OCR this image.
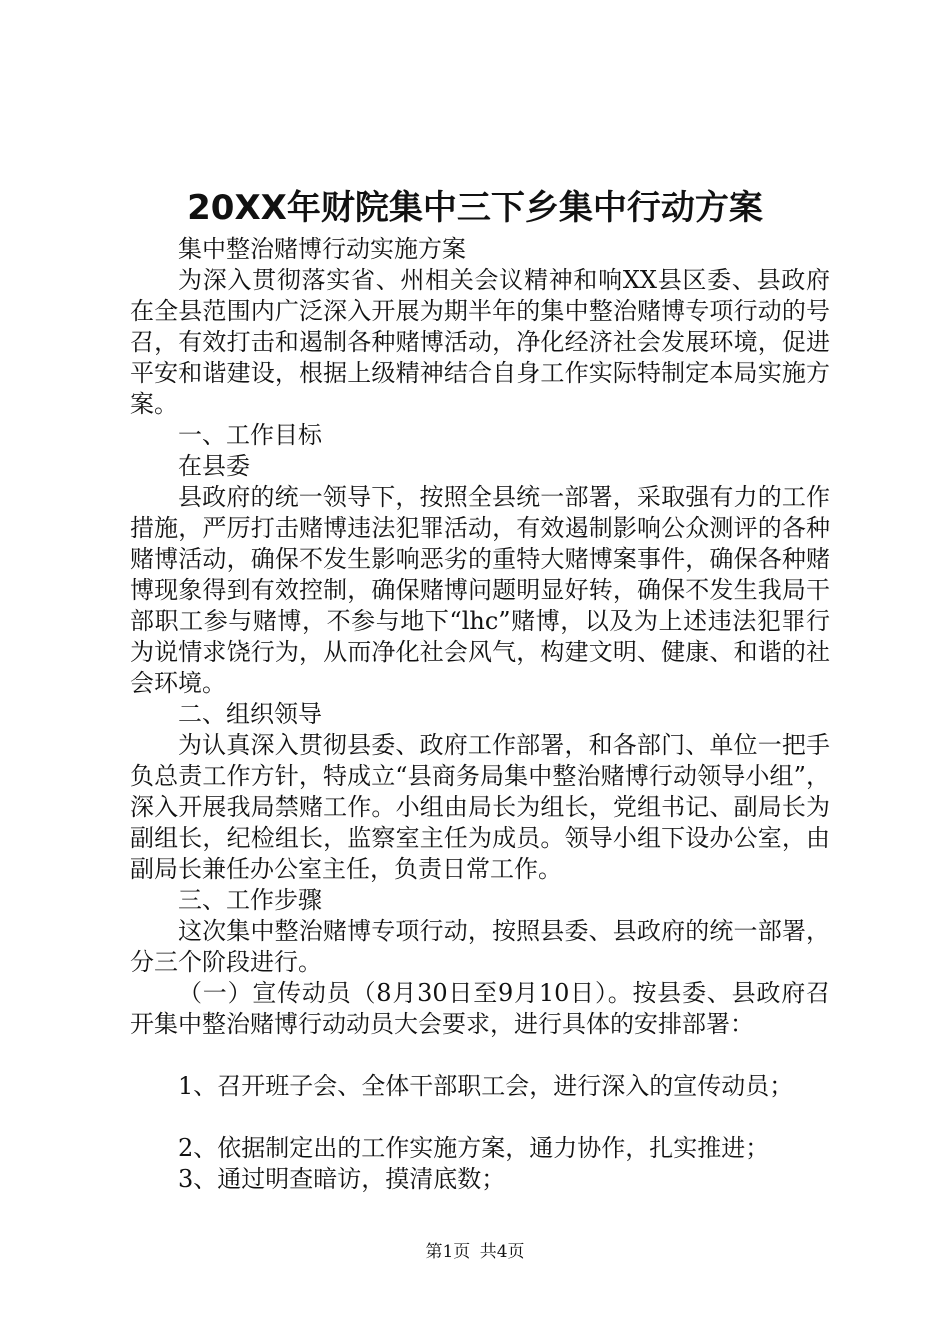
20XX年财院集中三下乡集中行动方案

集中整治赌博行动实施方案

为深入贯彻落实省、州相关会议精神和响XX县区委、县政府在全县范围内广泛深入开展为期半年的集中整治赌博专项行动的号召，有效打击和遏制各种赌博活动，净化经济社会发展环境，促进平安和谐建设，根据上级精神结合自身工作实际特制定本局实施方案。

一、工作目标

在县委

县政府的统一领导下，按照全县统一部署，采取强有力的工作措施，严厉打击赌博违法犯罪活动，有效遏制影响公众测评的各种赌博活动，确保不发生影响恶劣的重特大赌博案事件，确保各种赌博现象得到有效控制，确保赌博问题明显好转，确保不发生我局干部职工参与赌博，不参与地下“lhc”赌博，以及为上述违法犯罪行为说情求饶行为，从而净化社会风气，构建文明、健康、和谐的社会环境。

二、组织领导

为认真深入贯彻县委、政府工作部署，和各部门、单位一把手负总责工作方针，特成立“县商务局集中整治赌博行动领导小组”，深入开展我局禁赌工作。小组由局长为组长，党组书记、副局长为副组长，纪检组长，监察室主任为成员。领导小组下设办公室，由副局长兼任办公室主任，负责日常工作。

三、工作步骤

这次集中整治赌博专项行动，按照县委、县政府的统一部署，分三个阶段进行。

（一）宣传动员（8月30日至9月10日）。按县委、县政府召开集中整治赌博行动动员大会要求，进行具体的安排部署：

1、召开班子会、全体干部职工会，进行深入的宣传动员；

2、依据制定出的工作实施方案，通力协作，扎实推进；

3、通过明查暗访，摸清底数；

第1页 共4页
